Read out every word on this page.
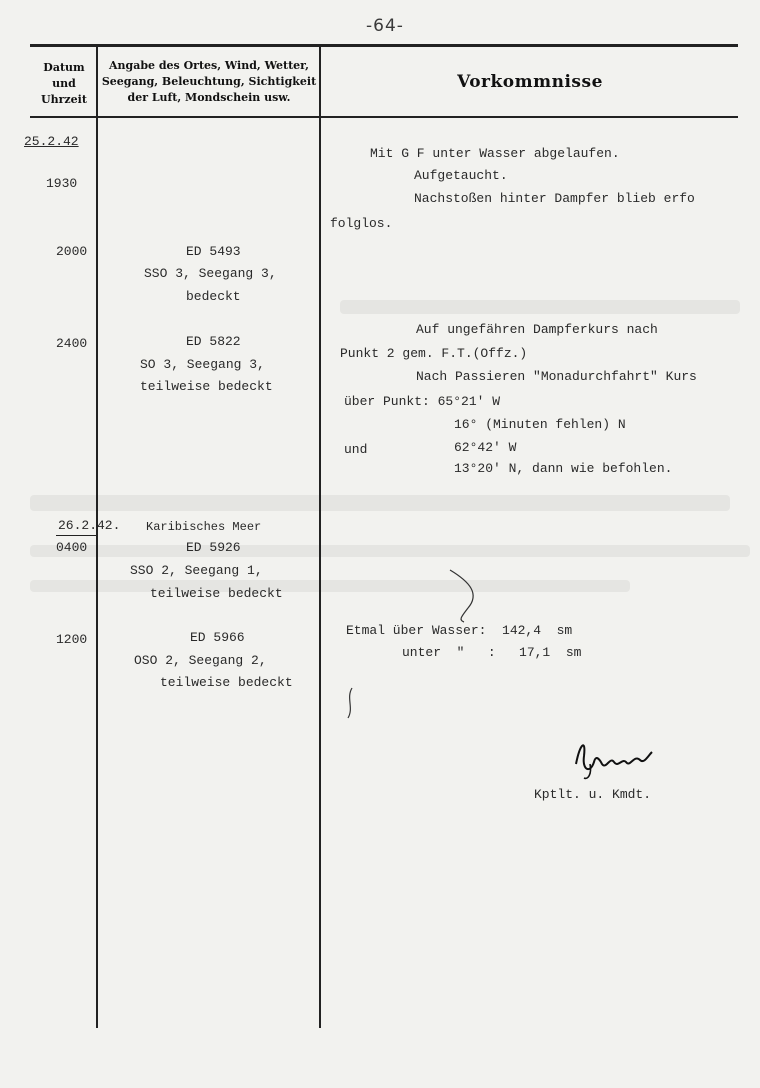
-64-
Datum und Uhrzeit
Angabe des Ortes, Wind, Wetter, Seegang, Beleuchtung, Sichtigkeit der Luft, Mondschein usw.
Vorkommnisse
25.2.42
1930
2000
2400
26.2.42.
0400
1200
ED 5493
SSO 3, Seegang 3,
bedeckt
ED 5822
SO 3, Seegang 3,
teilweise bedeckt
Karibisches Meer
ED 5926
SSO 2, Seegang 1,
teilweise bedeckt
ED 5966
OSO 2, Seegang 2,
teilweise bedeckt
Mit G F unter Wasser abgelaufen.
Aufgetaucht.
Nachstoßen hinter Dampfer blieb erfo
folglos.
Auf ungefähren Dampferkurs nach
Punkt 2 gem. F.T.(Offz.)
Nach Passieren "Monadurchfahrt" Kurs
über Punkt: 65°21' W
16° (Minuten fehlen) N
und	62°42' W
13°20' N, dann wie befohlen.
Etmal über Wasser:  142,4  sm
unter  "   :   17,1  sm
Kptlt. u. Kmdt.
